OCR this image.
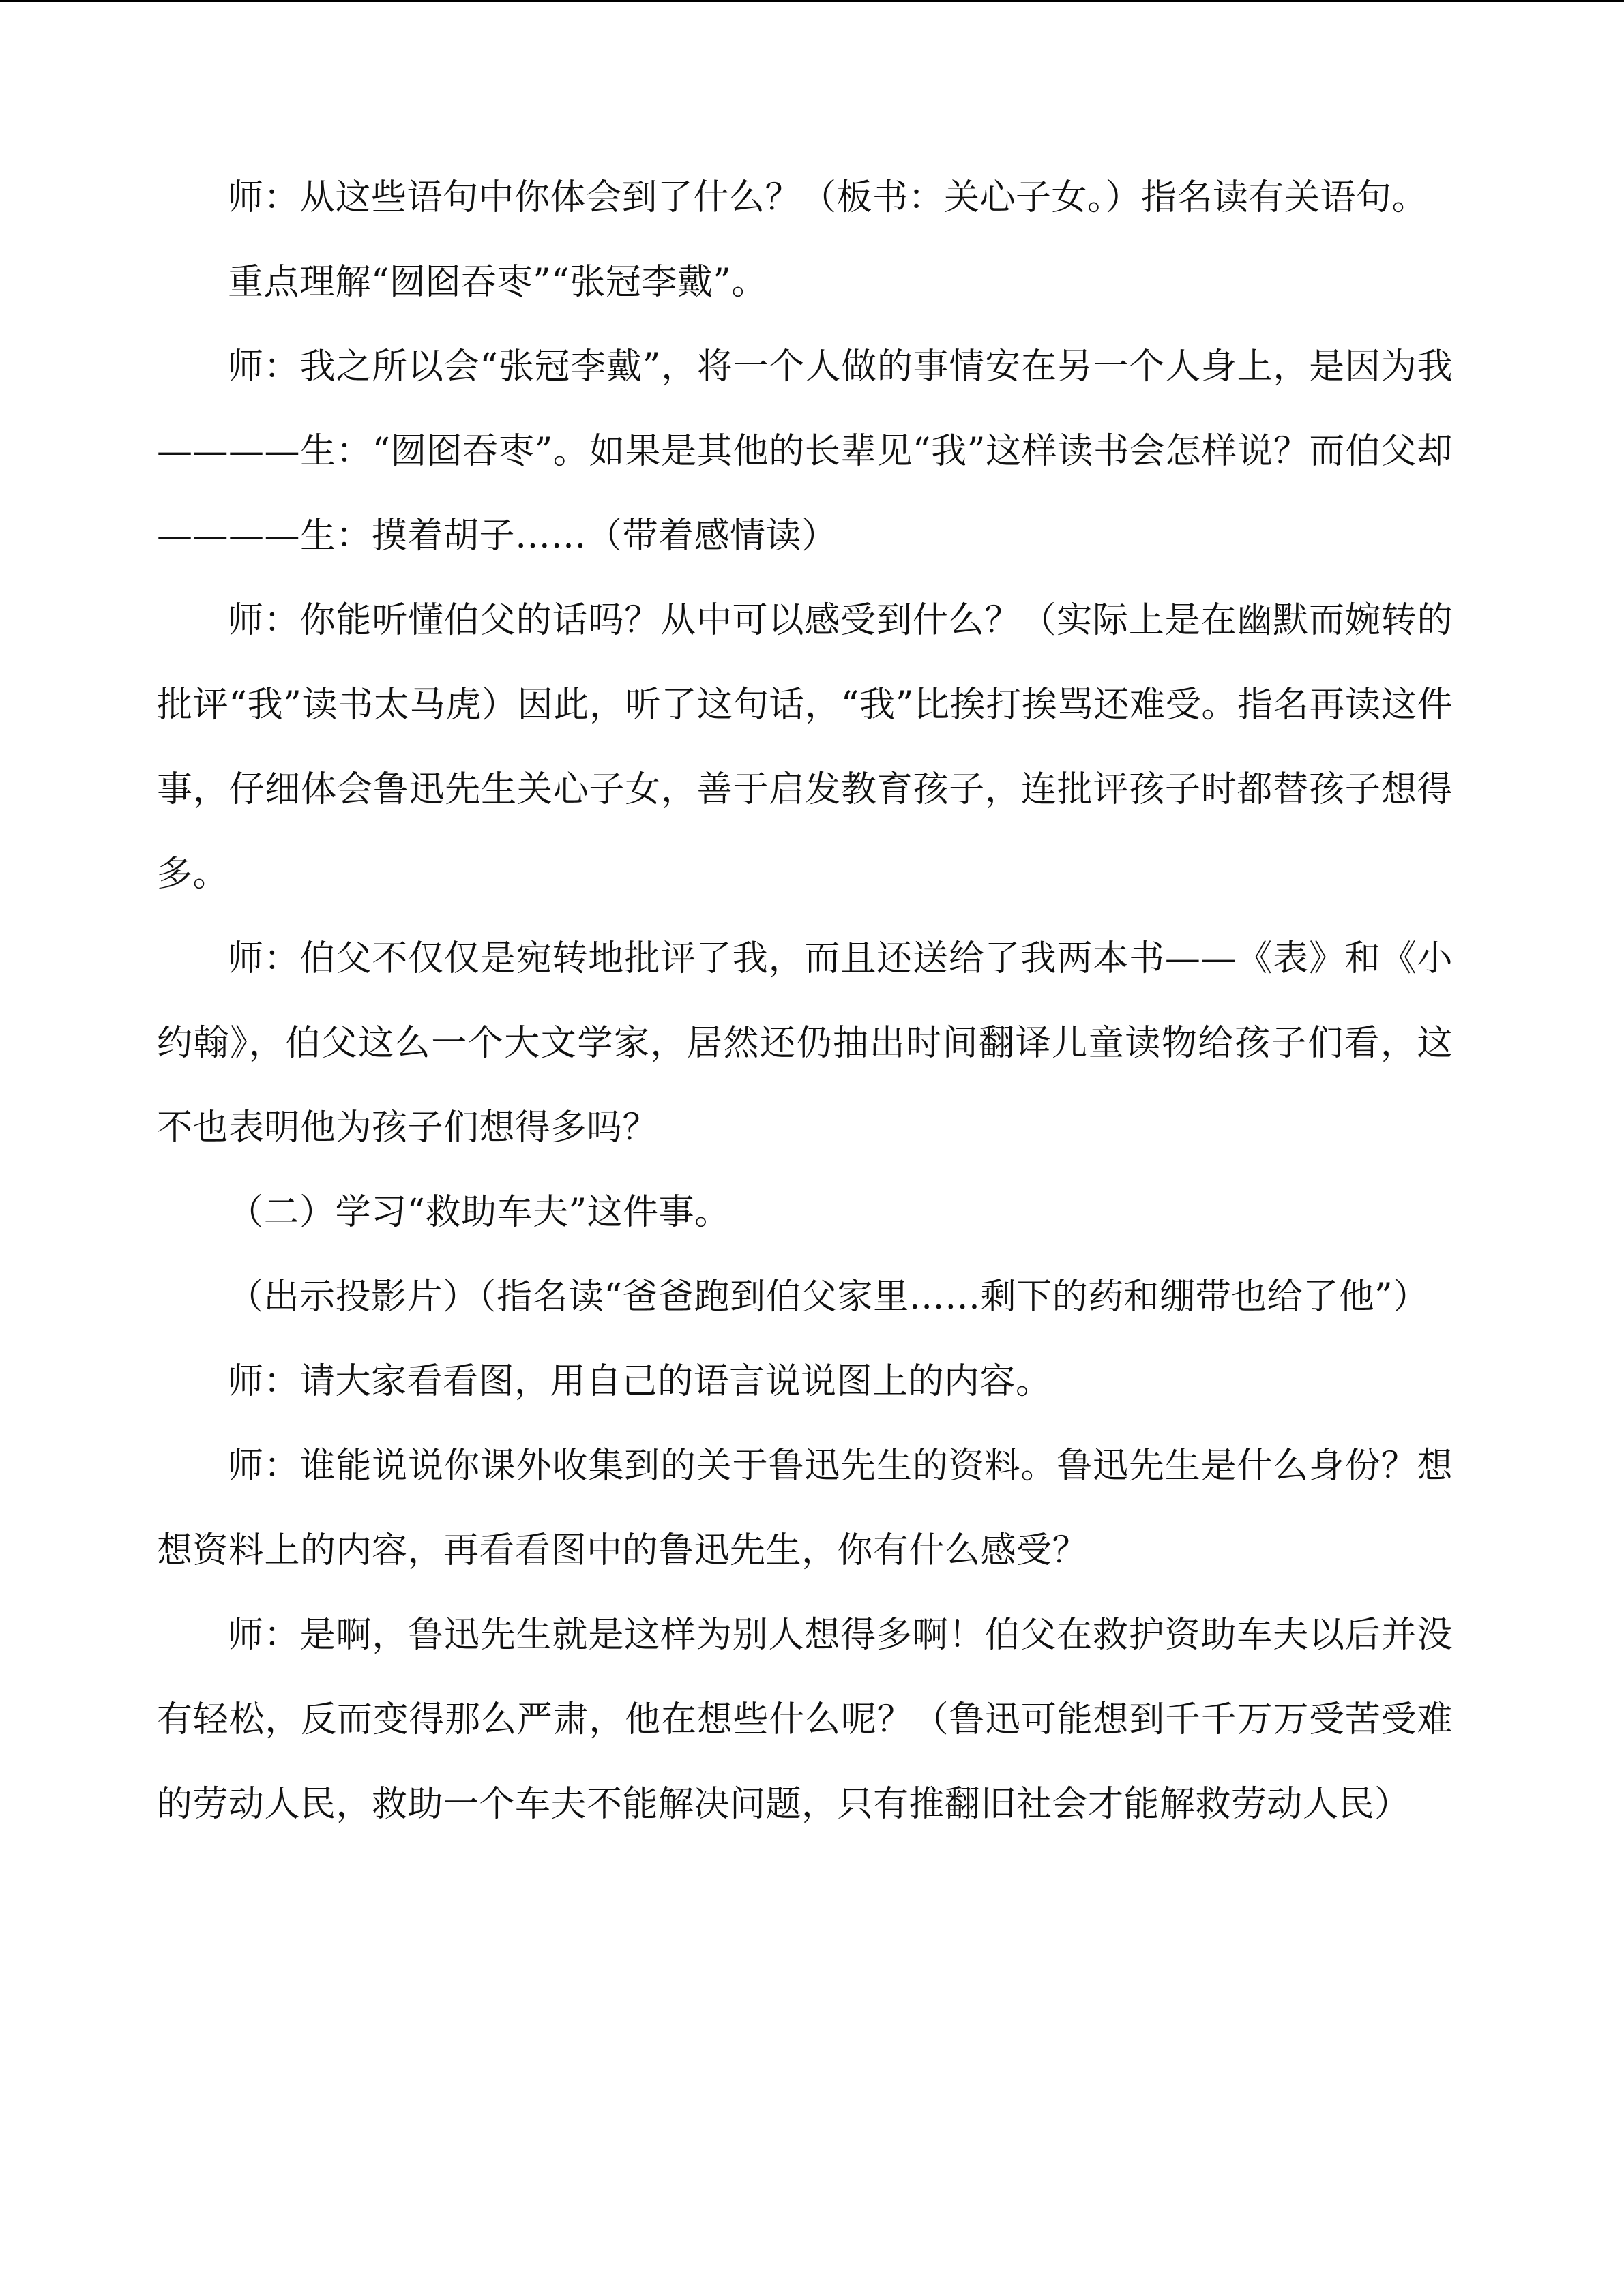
师：从这些语句中你体会到了什么？（板书：关心子女。）指名读有关语句。

重点理解“囫囵吞枣”“张冠李戴”。

师：我之所以会“张冠李戴”，将一个人做的事情安在另一个人身上，是因为我————生：“囫囵吞枣”。如果是其他的长辈见“我”这样读书会怎样说？而伯父却————生：摸着胡子……（带着感情读）

师：你能听懂伯父的话吗？从中可以感受到什么？（实际上是在幽默而婉转的批评“我”读书太马虎）因此，听了这句话，“我”比挨打挨骂还难受。指名再读这件事，仔细体会鲁迅先生关心子女，善于启发教育孩子，连批评孩子时都替孩子想得多。

师：伯父不仅仅是宛转地批评了我，而且还送给了我两本书——《表》和《小约翰》，伯父这么一个大文学家，居然还仍抽出时间翻译儿童读物给孩子们看，这不也表明他为孩子们想得多吗？

（二）学习“救助车夫”这件事。

（出示投影片）（指名读“爸爸跑到伯父家里……剩下的药和绷带也给了他”）

师：请大家看看图，用自己的语言说说图上的内容。

师：谁能说说你课外收集到的关于鲁迅先生的资料。鲁迅先生是什么身份？想想资料上的内容，再看看图中的鲁迅先生，你有什么感受？

师：是啊，鲁迅先生就是这样为别人想得多啊！伯父在救护资助车夫以后并没有轻松，反而变得那么严肃，他在想些什么呢？（鲁迅可能想到千千万万受苦受难的劳动人民，救助一个车夫不能解决问题，只有推翻旧社会才能解救劳动人民）
